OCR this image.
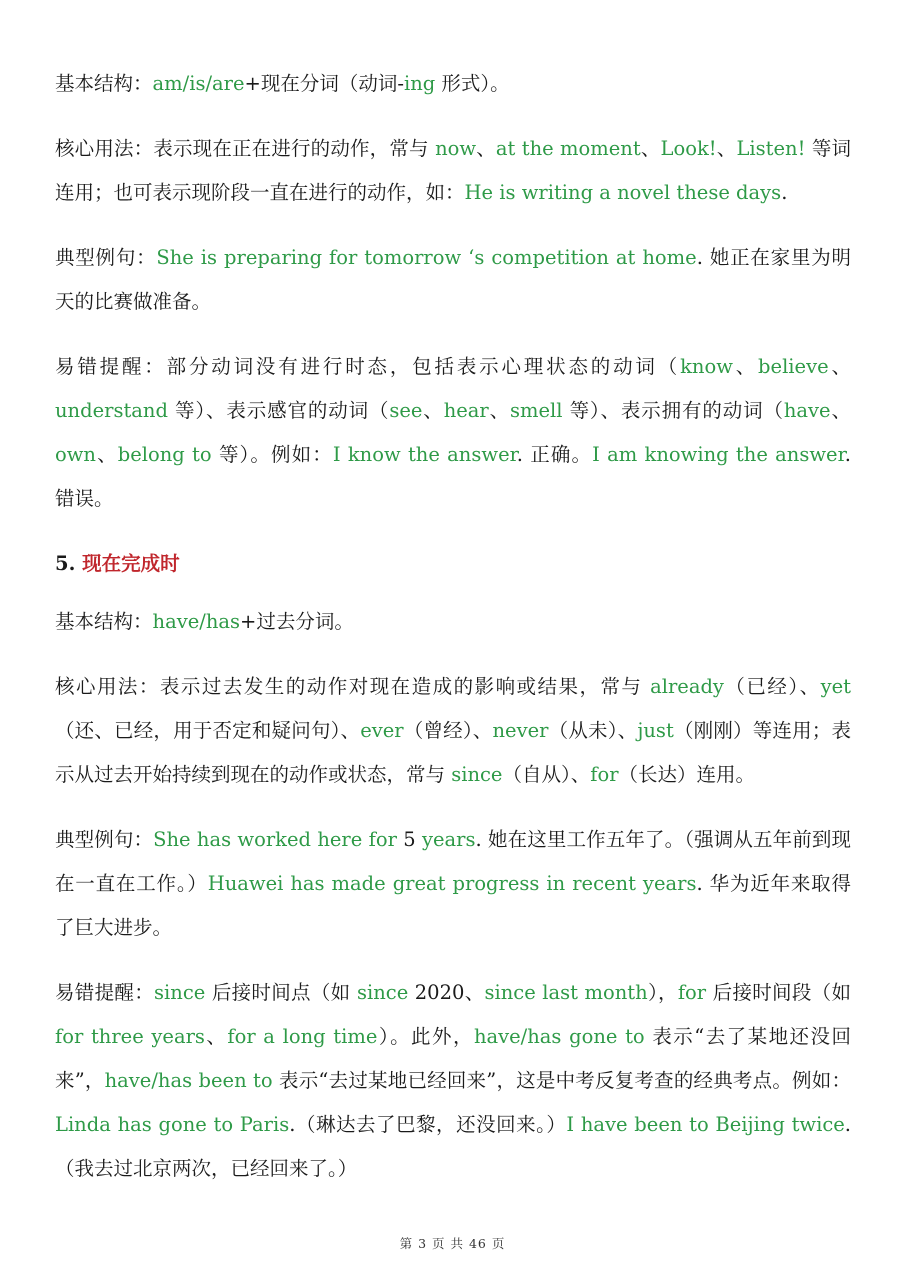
基本结构：am/is/are+现在分词（动词-ing 形式）。

核心用法：表示现在正在进行的动作，常与 now、at the moment、Look!、Listen! 等词连用；也可表示现阶段一直在进行的动作，如：He is writing a novel these days.

典型例句：She is preparing for tomorrow ‘s competition at home. 她正在家里为明天的比赛做准备。

易错提醒：部分动词没有进行时态，包括表示心理状态的动词（know、believe、understand 等）、表示感官的动词（see、hear、smell 等）、表示拥有的动词（have、own、belong to 等）。例如：I know the answer. 正确。I am knowing the answer. 错误。

5. 现在完成时

基本结构：have/has+过去分词。

核心用法：表示过去发生的动作对现在造成的影响或结果，常与 already（已经）、yet（还、已经，用于否定和疑问句）、ever（曾经）、never（从未）、just（刚刚）等连用；表示从过去开始持续到现在的动作或状态，常与 since（自从）、for（长达）连用。

典型例句：She has worked here for 5 years. 她在这里工作五年了。（强调从五年前到现在一直在工作。）Huawei has made great progress in recent years. 华为近年来取得了巨大进步。

易错提醒：since 后接时间点（如 since 2020、since last month），for 后接时间段（如 for three years、for a long time）。此外，have/has gone to 表示“去了某地还没回来”，have/has been to 表示“去过某地已经回来”，这是中考反复考查的经典考点。例如：Linda has gone to Paris.（琳达去了巴黎，还没回来。）I have been to Beijing twice.（我去过北京两次，已经回来了。）

第 3 页 共 46 页
